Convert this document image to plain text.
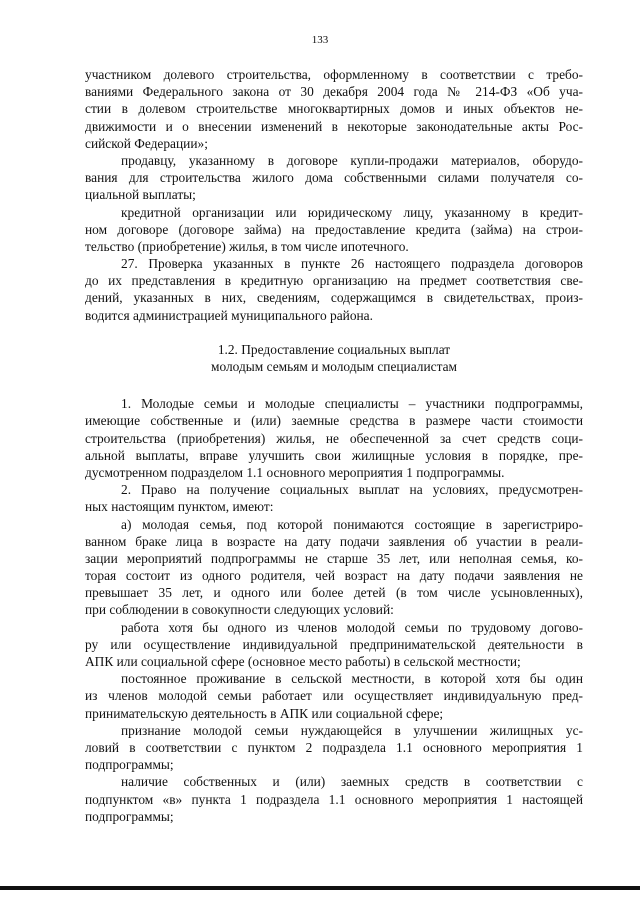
133
участником долевого строительства, оформленному в соответствии с требо-
ваниями Федерального закона от 30 декабря 2004 года № 214-ФЗ «Об уча-
стии в долевом строительстве многоквартирных домов и иных объектов не-
движимости и о внесении изменений в некоторые законодательные акты Рос-
сийской Федерации»;
продавцу, указанному в договоре купли-продажи материалов, оборудо-
вания для строительства жилого дома собственными силами получателя со-
циальной выплаты;
кредитной организации или юридическому лицу, указанному в кредит-
ном договоре (договоре займа) на предоставление кредита (займа) на строи-
тельство (приобретение) жилья, в том числе ипотечного.
27. Проверка указанных в пункте 26 настоящего подраздела договоров
до их представления в кредитную организацию на предмет соответствия све-
дений, указанных в них, сведениям, содержащимся в свидетельствах, произ-
водится администрацией муниципального района.
1.2. Предоставление социальных выплат
молодым семьям и молодым специалистам
1. Молодые семьи и молодые специалисты – участники подпрограммы,
имеющие собственные и (или) заемные средства в размере части стоимости
строительства (приобретения) жилья, не обеспеченной за счет средств соци-
альной выплаты, вправе улучшить свои жилищные условия в порядке, пре-
дусмотренном подразделом 1.1 основного мероприятия 1 подпрограммы.
2. Право на получение социальных выплат на условиях, предусмотрен-
ных настоящим пунктом, имеют:
а) молодая семья, под которой понимаются состоящие в зарегистриро-
ванном браке лица в возрасте на дату подачи заявления об участии в реали-
зации мероприятий подпрограммы не старше 35 лет, или неполная семья, ко-
торая состоит из одного родителя, чей возраст на дату подачи заявления не
превышает 35 лет, и одного или более детей (в том числе усыновленных),
при соблюдении в совокупности следующих условий:
работа хотя бы одного из членов молодой семьи по трудовому догово-
ру или осуществление индивидуальной предпринимательской деятельности в
АПК или социальной сфере (основное место работы) в сельской местности;
постоянное проживание в сельской местности, в которой хотя бы один
из членов молодой семьи работает или осуществляет индивидуальную пред-
принимательскую деятельность в АПК или социальной сфере;
признание молодой семьи нуждающейся в улучшении жилищных ус-
ловий в соответствии с пунктом 2 подраздела 1.1 основного мероприятия 1
подпрограммы;
наличие собственных и (или) заемных средств в соответствии с
подпунктом «в» пункта 1 подраздела 1.1 основного мероприятия 1 настоящей
подпрограммы;
